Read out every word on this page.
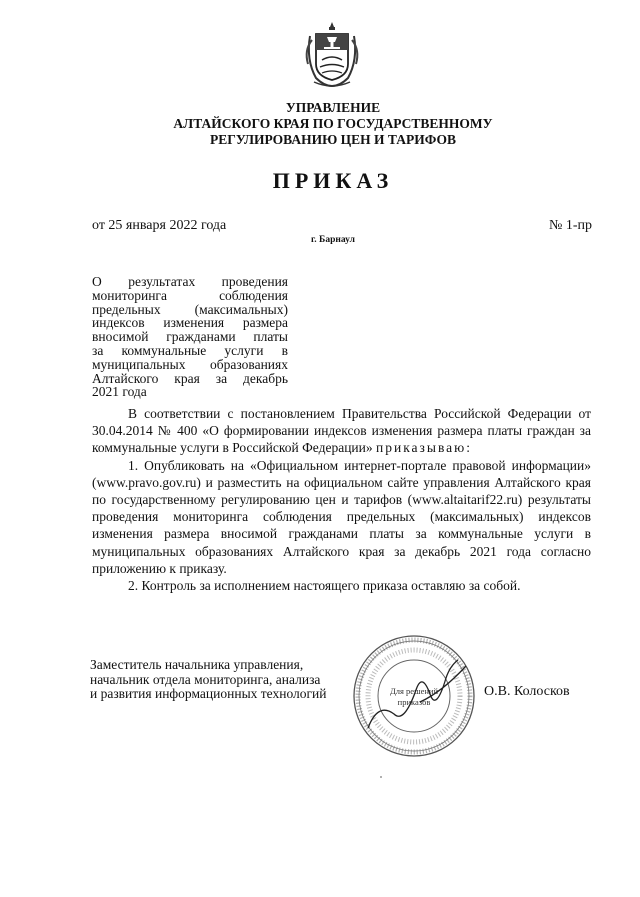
УПРАВЛЕНИЕ
АЛТАЙСКОГО КРАЯ ПО ГОСУДАРСТВЕННОМУ
РЕГУЛИРОВАНИЮ ЦЕН И ТАРИФОВ
ПРИКАЗ
от 25 января 2022 года	№ 1-пр
г. Барнаул
О результатах проведения
мониторинга соблюдения
предельных (максимальных)
индексов изменения размера
вносимой гражданами платы
за коммунальные услуги в
муниципальных образованиях
Алтайского края за декабрь
2021 года

В соответствии с постановлением Правительства Российской Федерации от 30.04.2014 № 400 «О формировании индексов изменения размера платы граждан за коммунальные услуги в Российской Федерации» приказываю:

1. Опубликовать на «Официальном интернет-портале правовой информации» (www.pravo.gov.ru) и разместить на официальном сайте управления Алтайского края по государственному регулированию цен и тарифов (www.altaitarif22.ru) результаты проведения мониторинга соблюдения предельных (максимальных) индексов изменения размера вносимой гражданами платы за коммунальные услуги в муниципальных образованиях Алтайского края за декабрь 2021 года согласно приложению к приказу.

2. Контроль за исполнением настоящего приказа оставляю за собой.

Заместитель начальника управления,
начальник отдела мониторинга, анализа
и развития информационных технологий	Для решений
приказов
О.В. Колосков
